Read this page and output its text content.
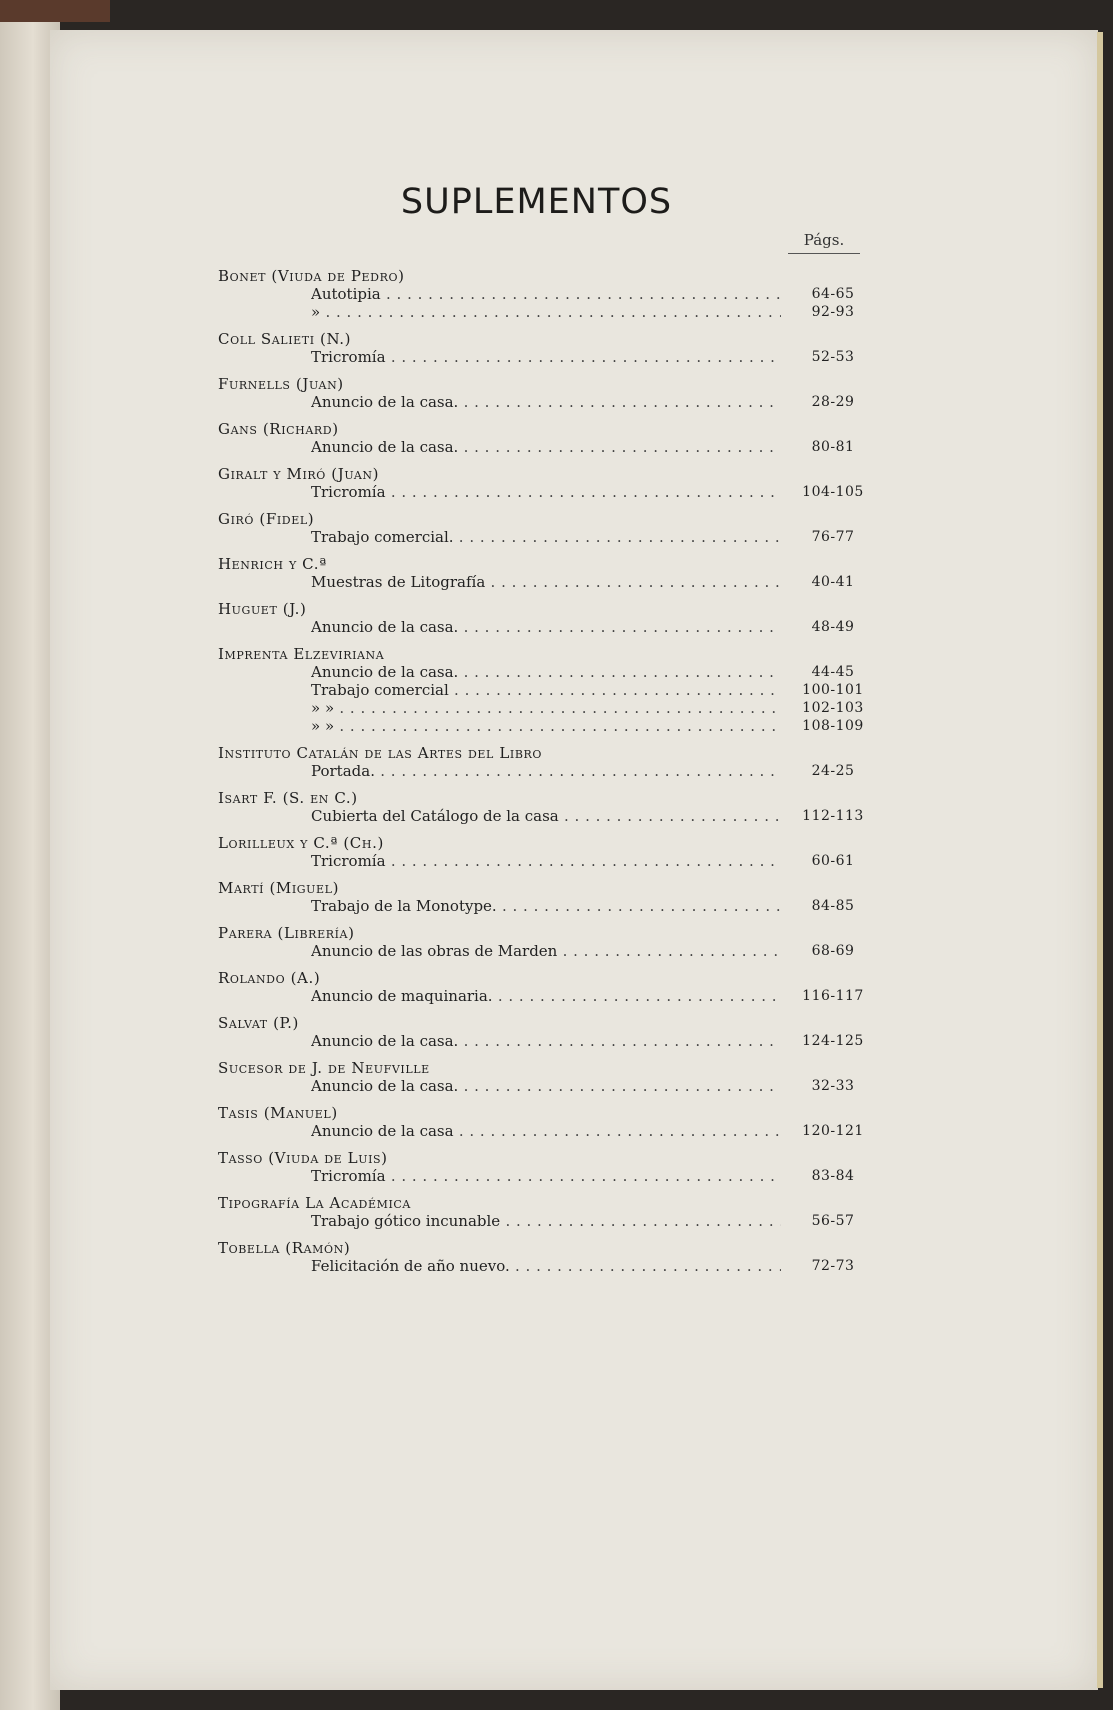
SUPLEMENTOS
Págs.
Bonet (Viuda de Pedro)
Autotipia . . .	64-65
» . . .	92-93
Coll Salieti (N.)
Tricromía . . .	52-53
Furnells (Juan)
Anuncio de la casa. . . .	28-29
Gans (Richard)
Anuncio de la casa. . . .	80-81
Giralt y Miró (Juan)
Tricromía . . .	104-105
Giró (Fidel)
Trabajo comercial. . . .	76-77
Henrich y C.ª
Muestras de Litografía . . .	40-41
Huguet (J.)
Anuncio de la casa. . . .	48-49
Imprenta Elzeviriana
Anuncio de la casa. . . .	44-45
Trabajo comercial . . .	100-101
» » . . .	102-103
» » . . .	108-109
Instituto Catalán de las Artes del Libro
Portada. . . .	24-25
Isart F. (S. en C.)
Cubierta del Catálogo de la casa . . .	112-113
Lorilleux y C.ª (Ch.)
Tricromía . . .	60-61
Martí (Miguel)
Trabajo de la Monotype. . . .	84-85
Parera (Librería)
Anuncio de las obras de Marden . . .	68-69
Rolando (A.)
Anuncio de maquinaria. . . .	116-117
Salvat (P.)
Anuncio de la casa. . . .	124-125
Sucesor de J. de Neufville
Anuncio de la casa. . . .	32-33
Tasis (Manuel)
Anuncio de la casa . . .	120-121
Tasso (Viuda de Luis)
Tricromía . . .	83-84
Tipografía La Académica
Trabajo gótico incunable . . .	56-57
Tobella (Ramón)
Felicitación de año nuevo. . . .	72-73
